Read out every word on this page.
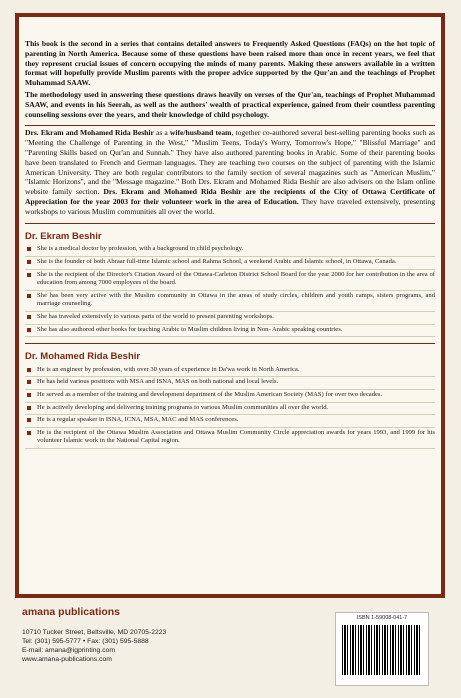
This book is the second in a series that contains detailed answers to Frequently Asked Questions (FAQs) on the hot topic of parenting in North America. Because some of these questions have been raised more than once in recent years, we feel that they represent crucial issues of concern occupying the minds of many parents. Making these answers available in a written format will hopefully provide Muslim parents with the proper advice supported by the Qur'an and the teachings of Prophet Muhammad SAAW.

The methodology used in answering these questions draws heavily on verses of the Qur'an, teachings of Prophet Muhammad SAAW, and events in his Seerah, as well as the authors' wealth of practical experience, gained from their countless parenting counseling sessions over the years, and their knowledge of child psychology.

Drs. Ekram and Mohamed Rida Beshir as a wife/husband team, together co-authored several best-selling parenting books such as "Meeting the Challenge of Parenting in the West," "Muslim Teens, Today's Worry, Tomorrow's Hope," "Blissful Marriage" and "Parenting Skills based on Qur'an and Sunnah." They have also authored parenting books in Arabic. Some of their parenting books have been translated to French and German languages. They are teaching two courses on the subject of parenting with the Islamic American University. They are both regular contributors to the family section of several magazines such as "American Muslim," "Islamic Horizons", and the "Message magazine." Both Drs. Ekram and Mohamed Rida Beshir are also advisers on the Islam online website family section. Drs. Ekram and Mohamed Rida Beshir are the recipients of the City of Ottawa Certificate of Appreciation for the year 2003 for their volunteer work in the area of Education. They have traveled extensively, presenting workshops to various Muslim communities all over the world.

Dr. Ekram Beshir
She is a medical doctor by profession, with a background in child psychology.
She is the founder of both Abraar full-time Islamic school and Rahma School, a weekend Arabic and Islamic school, in Ottawa, Canada.
She is the recipient of the Director's Citation Award of the Ottawa-Carleton District School Board for the year 2000 for her contribution in the area of education from among 7000 employees of the board.
She has been very active with the Muslim community in Ottawa in the areas of study circles, children and youth camps, sisters programs, and marriage counseling.
She has traveled extensively to various parts of the world to present parenting workshops.
She has also authored other books for teaching Arabic to Muslim children living in Non- Arabic speaking countries.
Dr. Mohamed Rida Beshir
He is an engineer by profession, with over 30 years of experience in Da'wa work in North America.
He has held various positions with MSA and ISNA, MAS on both national and local levels.
He served as a member of the training and development department of the Muslim American Society (MAS) for over two decades.
He is actively developing and delivering training programs to various Muslim communities all over the world.
He is a regular speaker in ISNA, ICNA, MSA, MAC and MAS conferences.
He is the recipient of the Ottawa Muslim Association and Ottawa Muslim Community Circle appreciation awards for years 1993, and 1999 for his volunteer Islamic work in the National Capital region.
amana publications
10710 Tucker Street, Beltsville, MD 20705-2223
Tel: (301) 595-5777 • Fax: (301) 595-5888
E-mail: amana@igprinting.com
www.amana-publications.com
ISBN 1-59008-041-7
